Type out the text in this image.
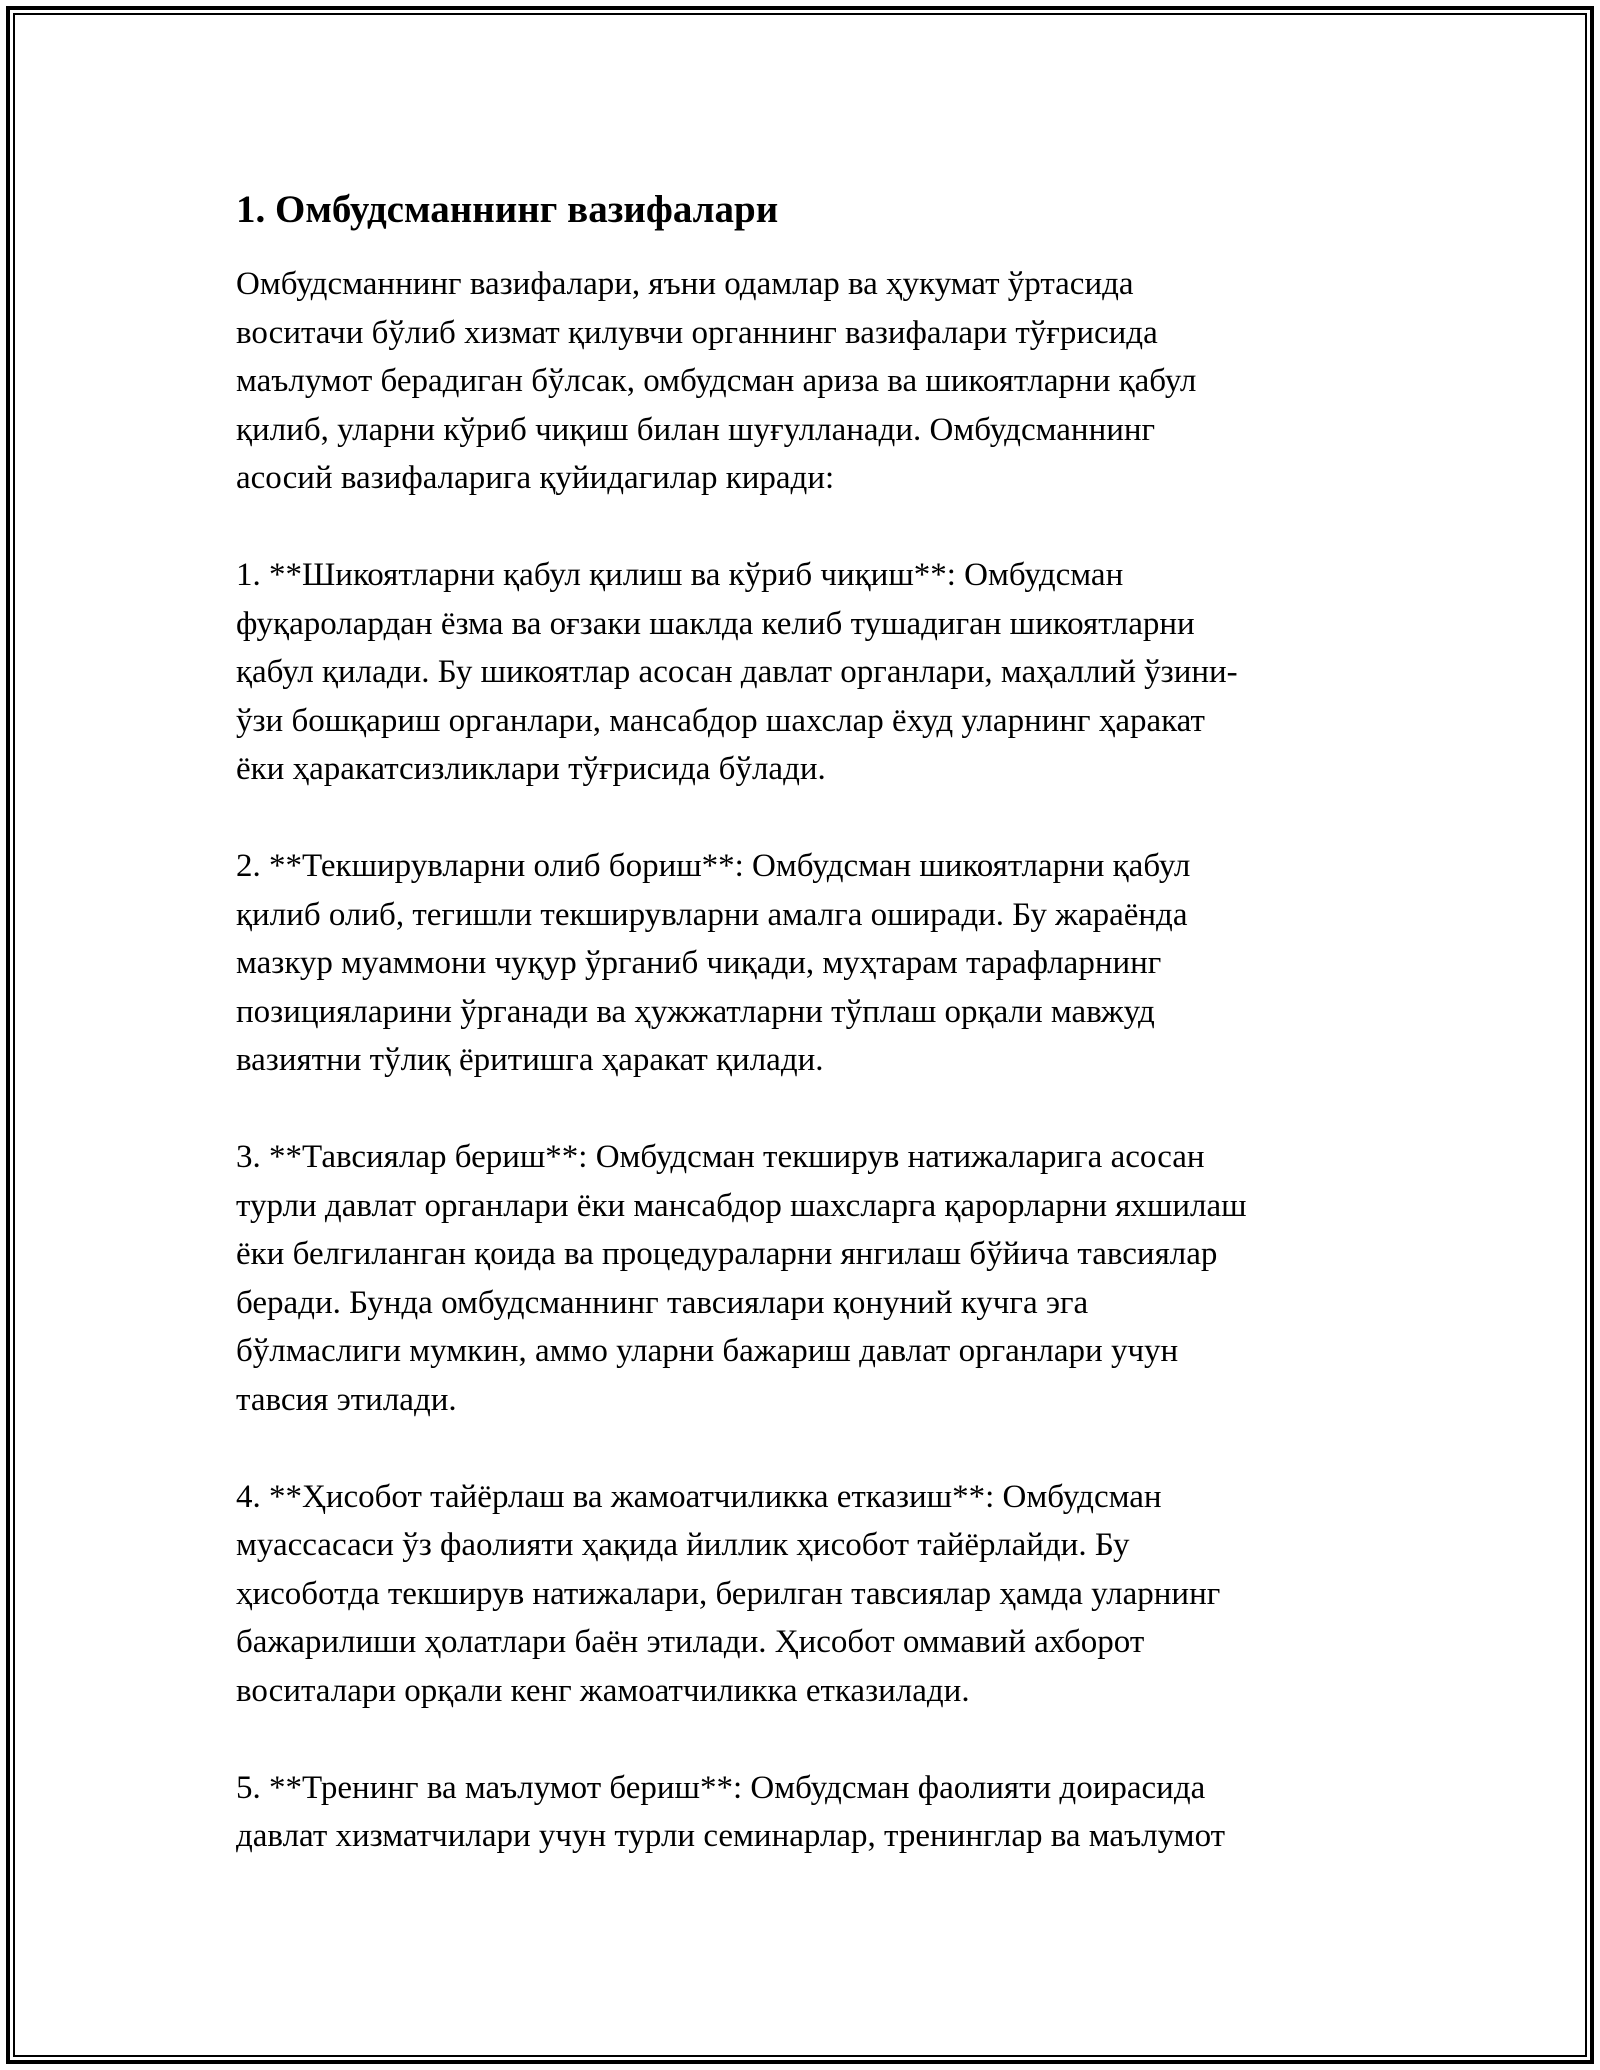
1. Омбудсманнинг вазифалари

Омбудсманнинг вазифалари, яъни одамлар ва ҳукумат ўртасида
воситачи бўлиб хизмат қилувчи органнинг вазифалари тўғрисида
маълумот берадиган бўлсак, омбудсман ариза ва шикоятларни қабул
қилиб, уларни кўриб чиқиш билан шуғулланади. Омбудсманнинг
асосий вазифаларига қуйидагилар киради:

1. **Шикоятларни қабул қилиш ва кўриб чиқиш**: Омбудсман
фуқаролардан ёзма ва оғзаки шаклда келиб тушадиган шикоятларни
қабул қилади. Бу шикоятлар асосан давлат органлари, маҳаллий ўзини-
ўзи бошқариш органлари, мансабдор шахслар ёхуд уларнинг ҳаракат
ёки ҳаракатсизликлари тўғрисида бўлади.

2. **Текширувларни олиб бориш**: Омбудсман шикоятларни қабул
қилиб олиб, тегишли текширувларни амалга оширади. Бу жараёнда
мазкур муаммони чуқур ўрганиб чиқади, муҳтарам тарафларнинг
позицияларини ўрганади ва ҳужжатларни тўплаш орқали мавжуд
вазиятни тўлиқ ёритишга ҳаракат қилади.

3. **Тавсиялар бериш**: Омбудсман текширув натижаларига асосан
турли давлат органлари ёки мансабдор шахсларга қарорларни яхшилаш
ёки белгиланган қоида ва процедураларни янгилаш бўйича тавсиялар
беради. Бунда омбудсманнинг тавсиялари қонуний кучга эга
бўлмаслиги мумкин, аммо уларни бажариш давлат органлари учун
тавсия этилади.

4. **Ҳисобот тайёрлаш ва жамоатчиликка етказиш**: Омбудсман
муассасаси ўз фаолияти ҳақида йиллик ҳисобот тайёрлайди. Бу
ҳисоботда текширув натижалари, берилган тавсиялар ҳамда уларнинг
бажарилиши ҳолатлари баён этилади. Ҳисобот оммавий ахборот
воситалари орқали кенг жамоатчиликка етказилади.

5. **Тренинг ва маълумот бериш**: Омбудсман фаолияти доирасида
давлат хизматчилари учун турли семинарлар, тренинглар ва маълумот
